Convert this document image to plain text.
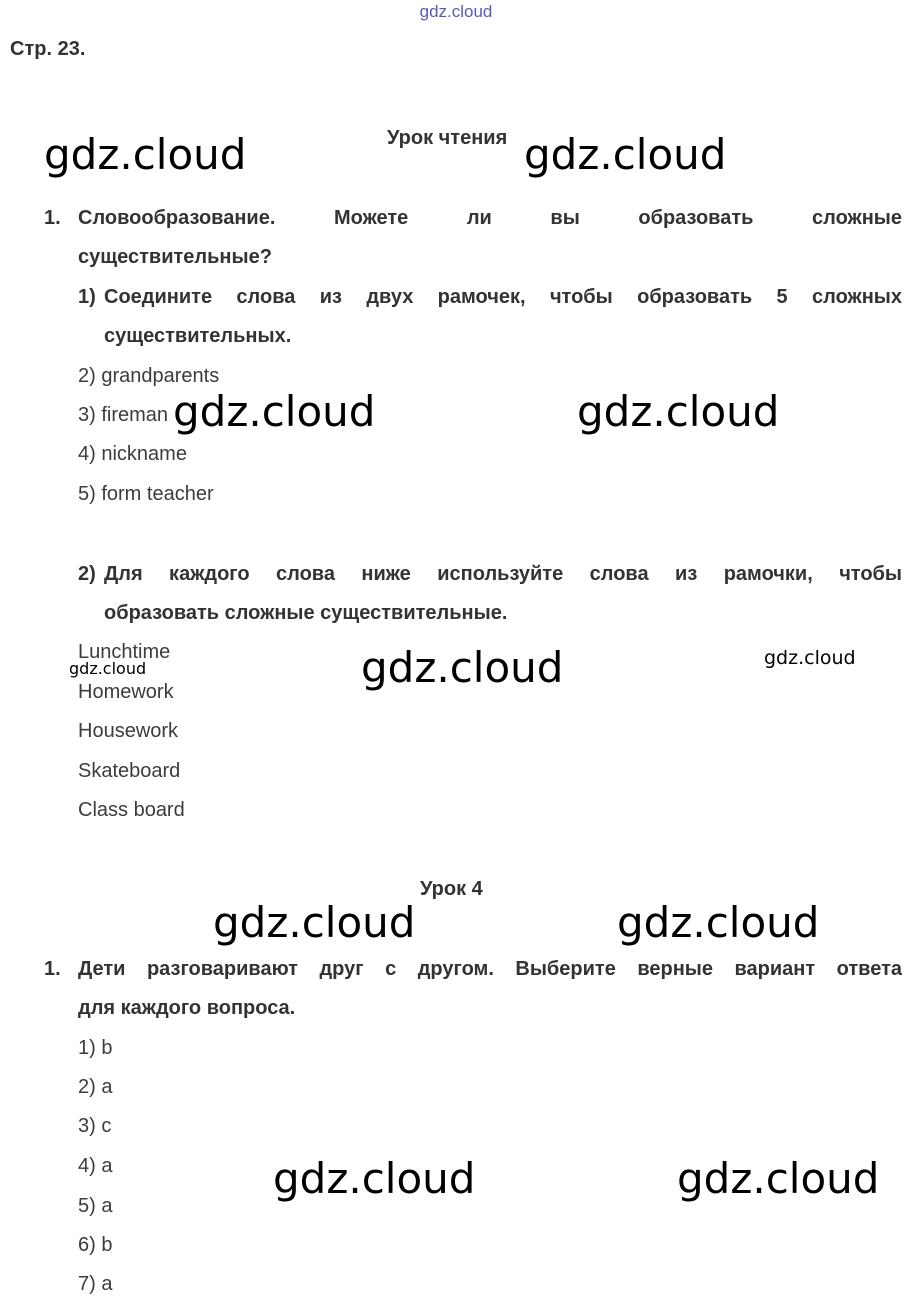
gdz.cloud
Стр. 23.
Урок чтения
1. Словообразование. Можете ли вы образовать сложные
существительные?
1) Соедините слова из двух рамочек, чтобы образовать 5 сложных
существительных.
2) grandparents
3) fireman
4) nickname
5) form teacher
2) Для каждого слова ниже используйте слова из рамочки, чтобы
образовать сложные существительные.
Lunchtime
Homework
Housework
Skateboard
Class board
Урок 4
1. Дети разговаривают друг с другом. Выберите верные вариант ответа
для каждого вопроса.
1) b
2) a
3) c
4) a
5) a
6) b
7) a
gdz.cloud	gdz.cloud
gdz.cloud	gdz.cloud
gdz.cloud	gdz.cloud	gdz.cloud
gdz.cloud	gdz.cloud
gdz.cloud	gdz.cloud
